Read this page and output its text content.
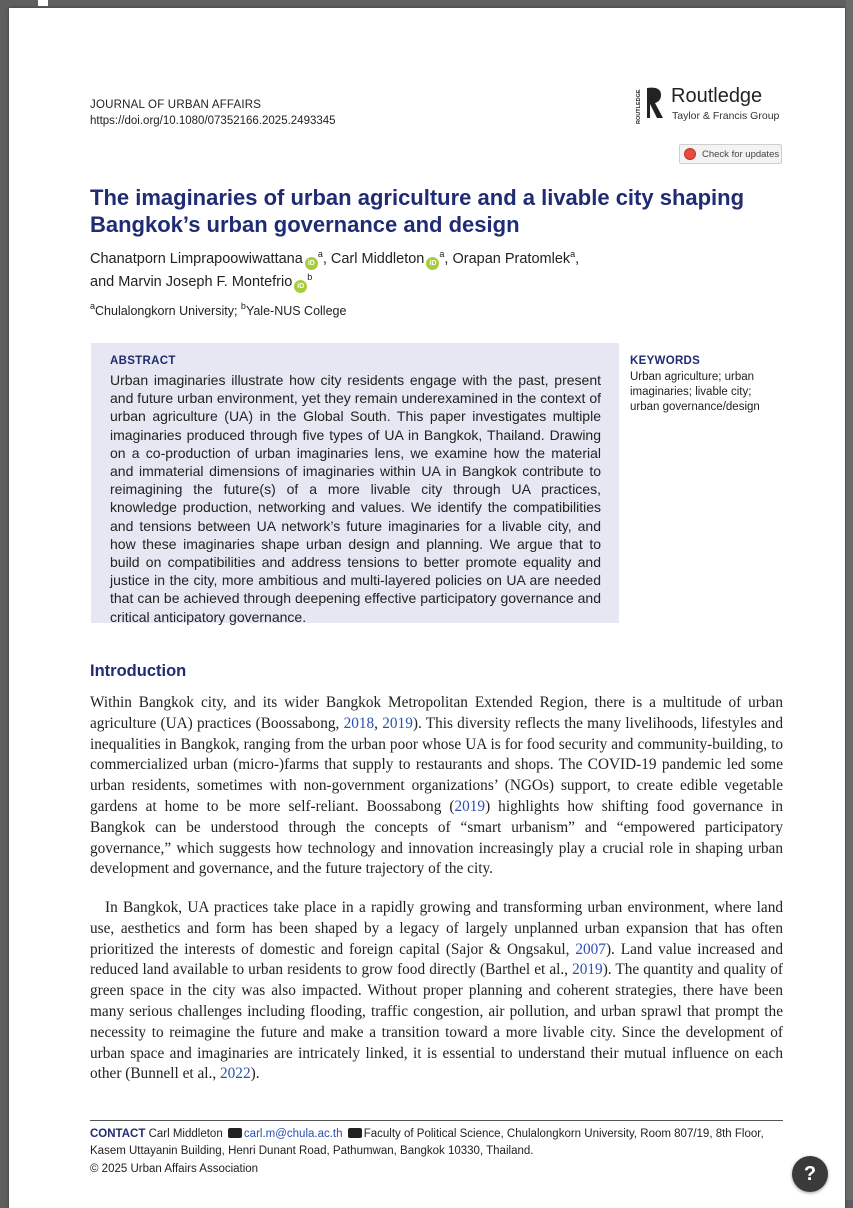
JOURNAL OF URBAN AFFAIRS
https://doi.org/10.1080/07352166.2025.2493345	ROUTLEDGE Routledge
Taylor & Francis Group
Check for updates
The imaginaries of urban agriculture and a livable city shaping Bangkok’s urban governance and design
Chanatporn Limprapoowiwattana $iD^a$, Carl Middleton $iD^a$, Orapan Pratomlek$^a$,
and Marvin Joseph F. Montefrio $iD^b$
$^a$Chulalongkorn University; $^b$Yale-NUS College
ABSTRACT
Urban imaginaries illustrate how city residents engage with the past, present and future urban environment, yet they remain underexamined in the context of urban agriculture (UA) in the Global South. This paper investigates multiple imaginaries produced through five types of UA in Bangkok, Thailand. Drawing on a co-production of urban imaginaries lens, we examine how the material and immaterial dimensions of imaginaries within UA in Bangkok contribute to reimagining the future(s) of a more livable city through UA practices, knowledge production, networking and values. We identify the compatibilities and tensions between UA network’s future imaginaries for a livable city, and how these imaginaries shape urban design and planning. We argue that to build on compatibilities and address tensions to better promote equality and justice in the city, more ambitious and multi-layered policies on UA are needed that can be achieved through deepening effective participatory governance and critical anticipatory governance.
KEYWORDS
Urban agriculture; urban imaginaries; livable city; urban governance/design
Introduction

Within Bangkok city, and its wider Bangkok Metropolitan Extended Region, there is a multitude of urban agriculture (UA) practices (Boossabong, 2018, 2019). This diversity reflects the many livelihoods, lifestyles and inequalities in Bangkok, ranging from the urban poor whose UA is for food security and community-building, to commercialized urban (micro-)farms that supply to restaurants and shops. The COVID-19 pandemic led some urban residents, sometimes with non-government organizations’ (NGOs) support, to create edible vegetable gardens at home to be more self-reliant. Boossabong (2019) highlights how shifting food governance in Bangkok can be understood through the concepts of “smart urbanism” and “empowered participatory governance,” which suggests how technology and innovation increasingly play a crucial role in shaping urban development and governance, and the future trajectory of the city.

In Bangkok, UA practices take place in a rapidly growing and transforming urban environment, where land use, aesthetics and form has been shaped by a legacy of largely unplanned urban expansion that has often prioritized the interests of domestic and foreign capital (Sajor & Ongsakul, 2007). Land value increased and reduced land available to urban residents to grow food directly (Barthel et al., 2019). The quantity and quality of green space in the city was also impacted. Without proper planning and coherent strategies, there have been many serious challenges including flooding, traffic congestion, air pollution, and urban sprawl that prompt the necessity to reimagine the future and make a transition toward a more livable city. Since the development of urban space and imaginaries are intricately linked, it is essential to understand their mutual influence on each other (Bunnell et al., 2022).

CONTACT Carl Middleton carl.m@chula.ac.th Faculty of Political Science, Chulalongkorn University, Room 807/19, 8th Floor, Kasem Uttayanin Building, Henri Dunant Road, Pathumwan, Bangkok 10330, Thailand.
© 2025 Urban Affairs Association	?
